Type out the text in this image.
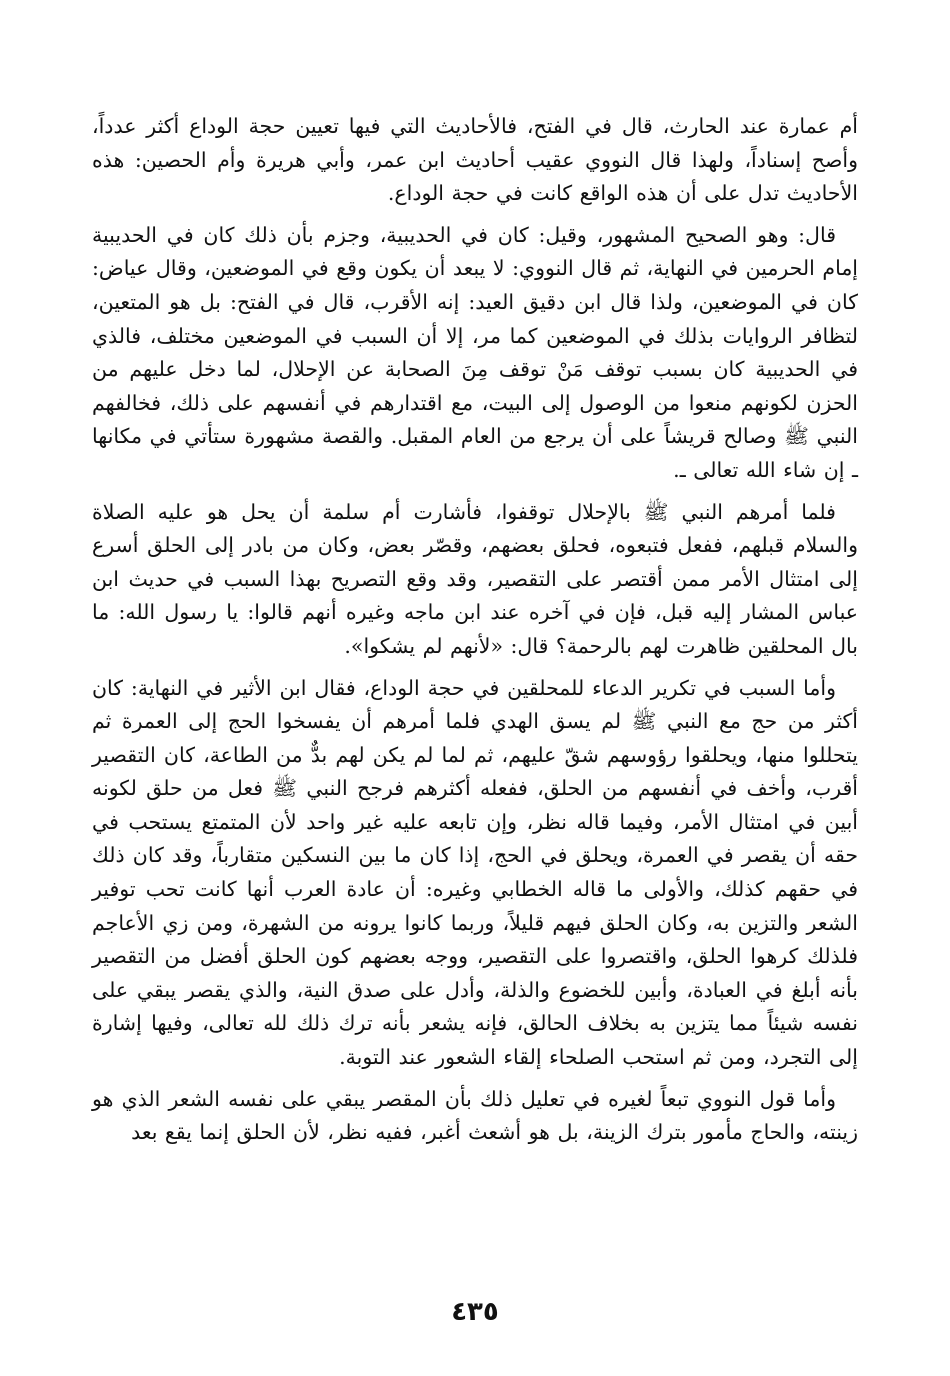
أم عمارة عند الحارث، قال في الفتح، فالأحاديث التي فيها تعيين حجة الوداع أكثر عدداً، وأصح إسناداً، ولهذا قال النووي عقيب أحاديث ابن عمر، وأبي هريرة وأم الحصين: هذه الأحاديث تدل على أن هذه الواقع كانت في حجة الوداع.

قال: وهو الصحيح المشهور، وقيل: كان في الحديبية، وجزم بأن ذلك كان في الحديبية إمام الحرمين في النهاية، ثم قال النووي: لا يبعد أن يكون وقع في الموضعين، وقال عياض: كان في الموضعين، ولذا قال ابن دقيق العيد: إنه الأقرب، قال في الفتح: بل هو المتعين، لتظافر الروايات بذلك في الموضعين كما مر، إلا أن السبب في الموضعين مختلف، فالذي في الحديبية كان بسبب توقف مَنْ توقف مِنَ الصحابة عن الإحلال، لما دخل عليهم من الحزن لكونهم منعوا من الوصول إلى البيت، مع اقتدارهم في أنفسهم على ذلك، فخالفهم النبي ﷺ وصالح قريشاً على أن يرجع من العام المقبل. والقصة مشهورة ستأتي في مكانها ـ إن شاء الله تعالى ـ.

فلما أمرهم النبي ﷺ بالإحلال توقفوا، فأشارت أم سلمة أن يحل هو عليه الصلاة والسلام قبلهم، ففعل فتبعوه، فحلق بعضهم، وقصّر بعض، وكان من بادر إلى الحلق أسرع إلى امتثال الأمر ممن أقتصر على التقصير، وقد وقع التصريح بهذا السبب في حديث ابن عباس المشار إليه قبل، فإن في آخره عند ابن ماجه وغيره أنهم قالوا: يا رسول الله: ما بال المحلقين ظاهرت لهم بالرحمة؟ قال: «لأنهم لم يشكوا».

وأما السبب في تكرير الدعاء للمحلقين في حجة الوداع، فقال ابن الأثير في النهاية: كان أكثر من حج مع النبي ﷺ لم يسق الهدي فلما أمرهم أن يفسخوا الحج إلى العمرة ثم يتحللوا منها، ويحلقوا رؤوسهم شقّ عليهم، ثم لما لم يكن لهم بدٌّ من الطاعة، كان التقصير أقرب، وأخف في أنفسهم من الحلق، ففعله أكثرهم فرجح النبي ﷺ فعل من حلق لكونه أبين في امتثال الأمر، وفيما قاله نظر، وإن تابعه عليه غير واحد لأن المتمتع يستحب في حقه أن يقصر في العمرة، ويحلق في الحج، إذا كان ما بين النسكين متقارباً، وقد كان ذلك في حقهم كذلك، والأولى ما قاله الخطابي وغيره: أن عادة العرب أنها كانت تحب توفير الشعر والتزين به، وكان الحلق فيهم قليلاً، وربما كانوا يرونه من الشهرة، ومن زي الأعاجم فلذلك كرهوا الحلق، واقتصروا على التقصير، ووجه بعضهم كون الحلق أفضل من التقصير بأنه أبلغ في العبادة، وأبين للخضوع والذلة، وأدل على صدق النية، والذي يقصر يبقي على نفسه شيئاً مما يتزين به بخلاف الحالق، فإنه يشعر بأنه ترك ذلك لله تعالى، وفيها إشارة إلى التجرد، ومن ثم استحب الصلحاء إلقاء الشعور عند التوبة.

وأما قول النووي تبعاً لغيره في تعليل ذلك بأن المقصر يبقي على نفسه الشعر الذي هو زينته، والحاج مأمور بترك الزينة، بل هو أشعث أغبر، ففيه نظر، لأن الحلق إنما يقع بعد

٤٣٥
